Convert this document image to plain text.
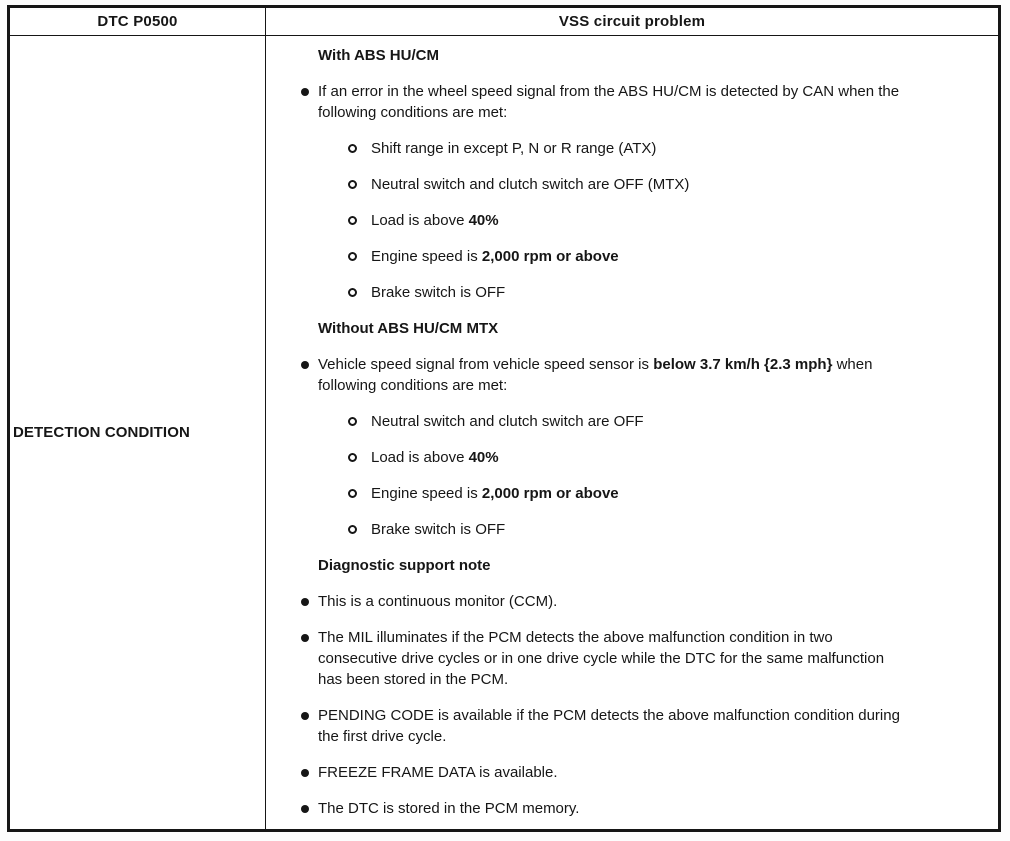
DTC P0500	VSS circuit problem
DETECTION CONDITION
With ABS HU/CM
If an error in the wheel speed signal from the ABS HU/CM is detected by CAN when the
following conditions are met:
Shift range in except P, N or R range (ATX)
Neutral switch and clutch switch are OFF (MTX)
Load is above 40%
Engine speed is 2,000 rpm or above
Brake switch is OFF
Without ABS HU/CM MTX
Vehicle speed signal from vehicle speed sensor is below 3.7 km/h {2.3 mph} when
following conditions are met:
Neutral switch and clutch switch are OFF
Load is above 40%
Engine speed is 2,000 rpm or above
Brake switch is OFF
Diagnostic support note
This is a continuous monitor (CCM).
The MIL illuminates if the PCM detects the above malfunction condition in two
consecutive drive cycles or in one drive cycle while the DTC for the same malfunction
has been stored in the PCM.
PENDING CODE is available if the PCM detects the above malfunction condition during
the first drive cycle.
FREEZE FRAME DATA is available.
The DTC is stored in the PCM memory.
